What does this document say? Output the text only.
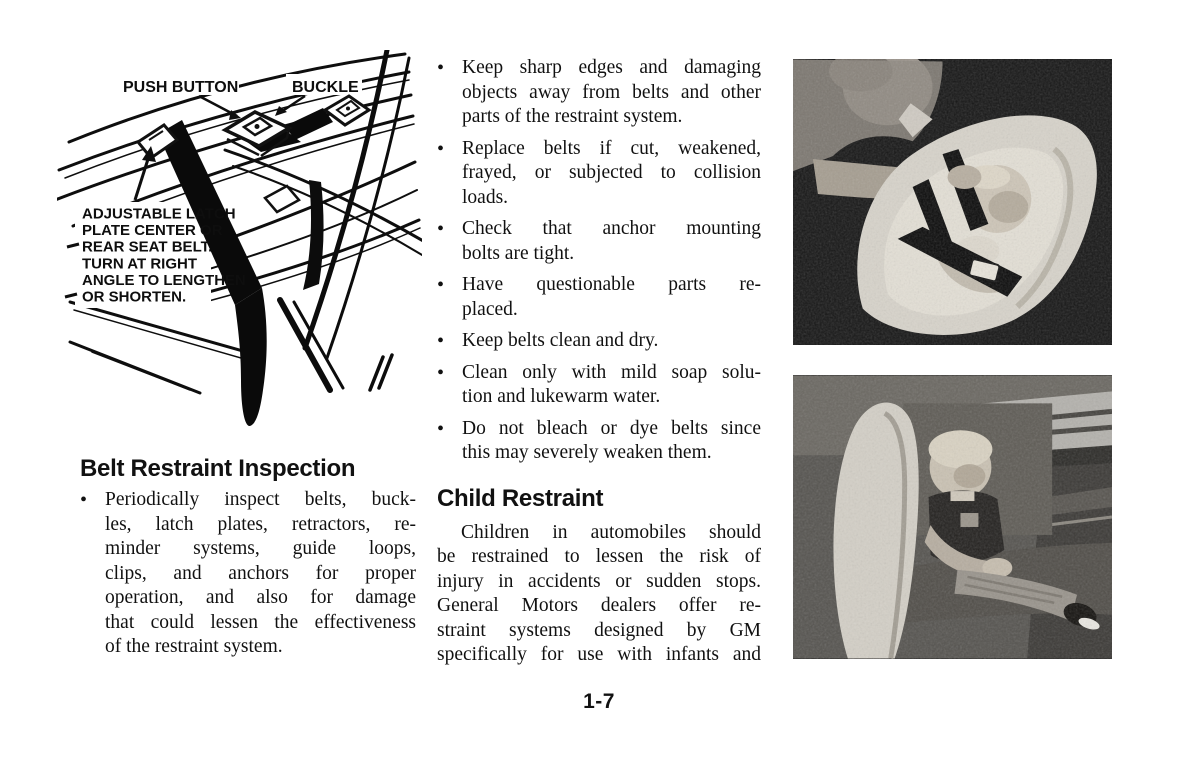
PUSH BUTTON	BUCKLE
ADJUSTABLE LATCH
PLATE CENTER OR
REAR SEAT BELT.
TURN AT RIGHT
ANGLE TO LENGTHEN
OR SHORTEN.
Belt Restraint Inspection
• Periodically inspect belts, buck-
les, latch plates, retractors, re-
minder systems, guide loops,
clips, and anchors for proper
operation, and also for damage
that could lessen the effectiveness
of the restraint system.
• Keep sharp edges and damaging
objects away from belts and other
parts of the restraint system.
• Replace belts if cut, weakened,
frayed, or subjected to collision
loads.
• Check that anchor mounting
bolts are tight.
• Have questionable parts re-
placed.
• Keep belts clean and dry.
• Clean only with mild soap solu-
tion and lukewarm water.
• Do not bleach or dye belts since
this may severely weaken them.
Child Restraint
Children in automobiles should
be restrained to lessen the risk of
injury in accidents or sudden stops.
General Motors dealers offer re-
straint systems designed by GM
specifically for use with infants and
1-7
